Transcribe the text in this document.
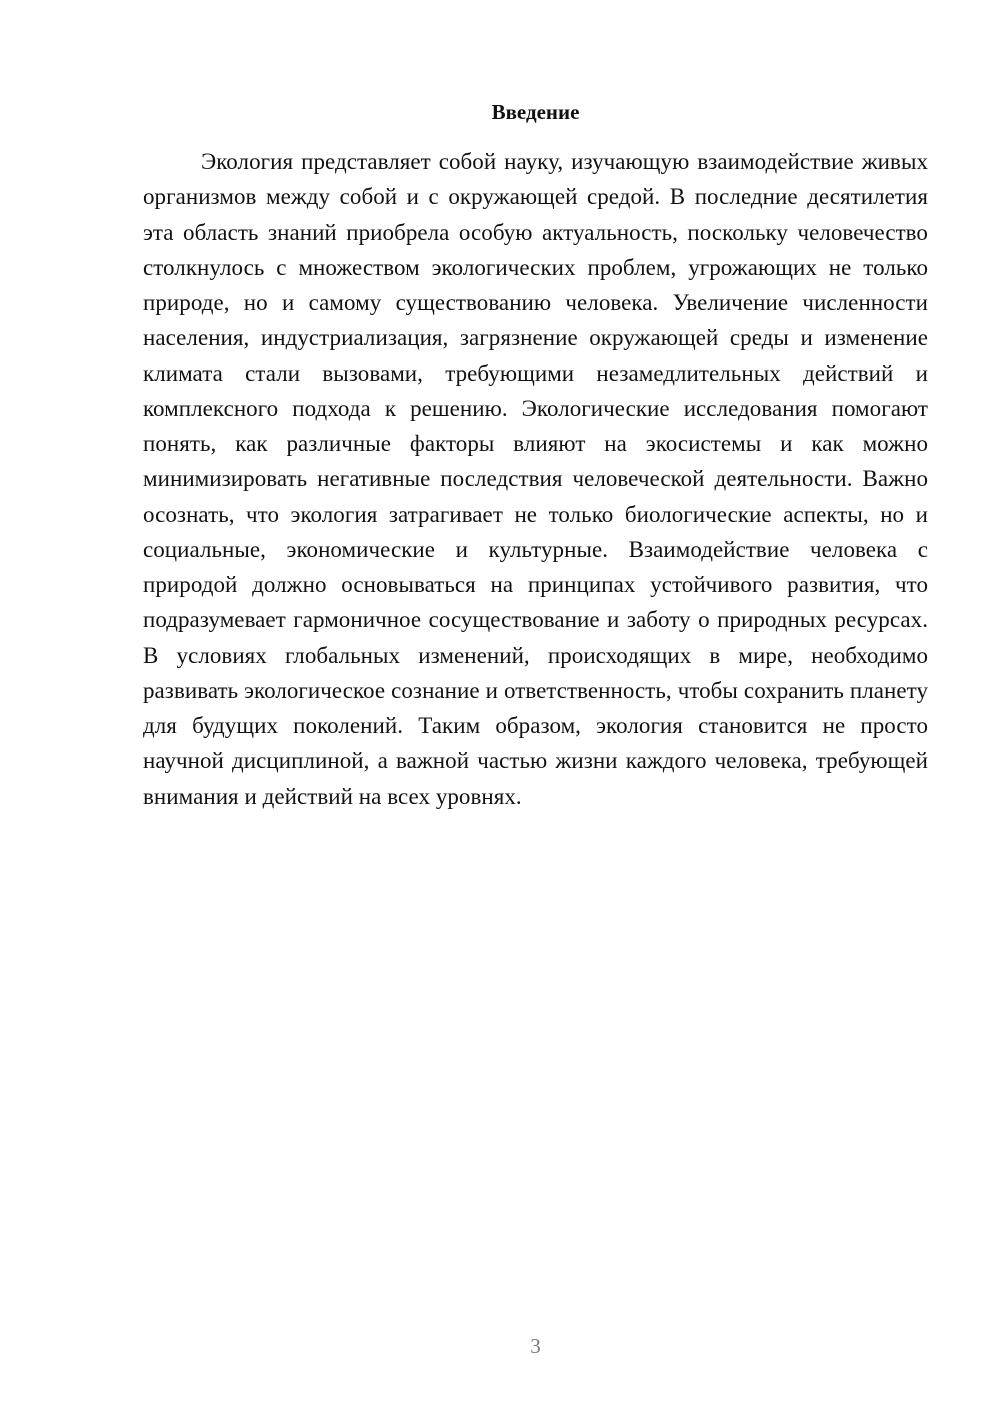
Введение

Экология представляет собой науку, изучающую взаимодействие живых организмов между собой и с окружающей средой. В последние десятилетия эта область знаний приобрела особую актуальность, поскольку человечество столкнулось с множеством экологических проблем, угрожающих не только природе, но и самому существованию человека. Увеличение численности населения, индустриализация, загрязнение окружающей среды и изменение климата стали вызовами, требующими незамедлительных действий и комплексного подхода к решению. Экологические исследования помогают понять, как различные факторы влияют на экосистемы и как можно минимизировать негативные последствия человеческой деятельности. Важно осознать, что экология затрагивает не только биологические аспекты, но и социальные, экономические и культурные. Взаимодействие человека с природой должно основываться на принципах устойчивого развития, что подразумевает гармоничное сосуществование и заботу о природных ресурсах. В условиях глобальных изменений, происходящих в мире, необходимо развивать экологическое сознание и ответственность, чтобы сохранить планету для будущих поколений. Таким образом, экология становится не просто научной дисциплиной, а важной частью жизни каждого человека, требующей внимания и действий на всех уровнях.

3
